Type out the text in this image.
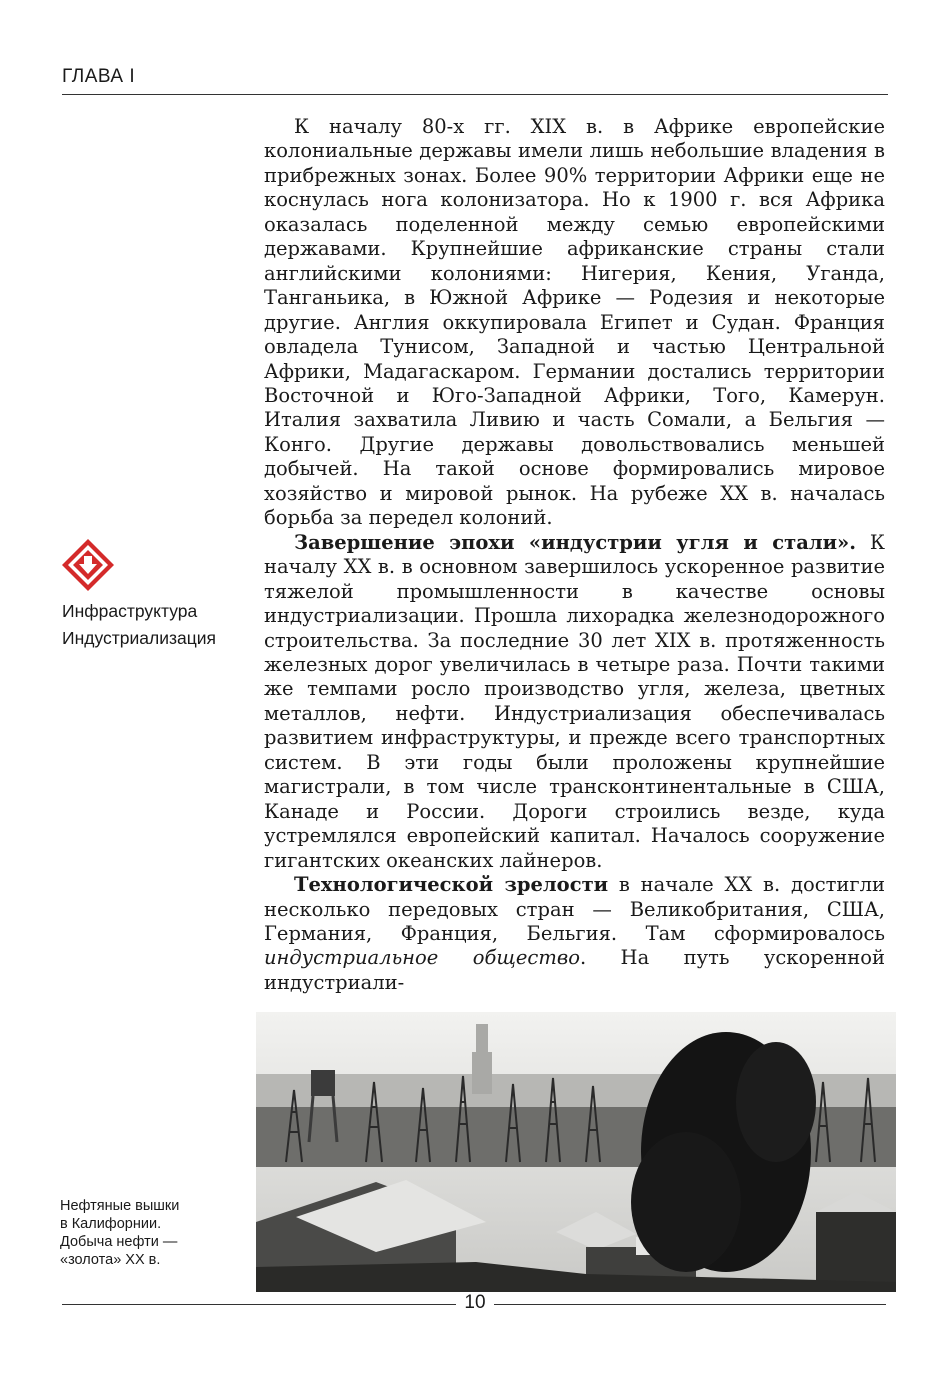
ГЛАВА I

К началу 80-х гг. XIX в. в Африке европейские колониальные державы имели лишь небольшие владения в прибрежных зонах. Более 90% территории Африки еще не коснулась нога колонизатора. Но к 1900 г. вся Африка оказалась поделенной между семью европейскими державами. Крупнейшие африканские страны стали английскими колониями: Нигерия, Кения, Уганда, Танганьика, в Южной Африке — Родезия и некоторые другие. Англия оккупировала Египет и Судан. Франция овладела Тунисом, Западной и частью Центральной Африки, Мадагаскаром. Германии достались территории Восточной и Юго-Западной Африки, Того, Камерун. Италия захватила Ливию и часть Сомали, а Бельгия — Конго. Другие державы довольствовались меньшей добычей. На такой основе формировались мировое хозяйство и мировой рынок. На рубеже XX в. началась борьба за передел колоний.

Завершение эпохи «индустрии угля и стали». К началу XX в. в основном завершилось ускоренное развитие тяжелой промышленности в качестве основы индустриализации. Прошла лихорадка железнодорожного строительства. За последние 30 лет XIX в. протяженность железных дорог увеличилась в четыре раза. Почти такими же темпами росло производство угля, железа, цветных металлов, нефти. Индустриализация обеспечивалась развитием инфраструктуры, и прежде всего транспортных систем. В эти годы были проложены крупнейшие магистрали, в том числе трансконтинентальные в США, Канаде и России. Дороги строились везде, куда устремлялся европейский капитал. Началось сооружение гигантских океанских лайнеров.

Технологической зрелости в начале XX в. достигли несколько передовых стран — Великобритания, США, Германия, Франция, Бельгия. Там сформировалось индустриальное общество. На путь ускоренной индустриали-

Инфраструктура
Индустриализация
Нефтяные вышки
в Калифорнии.
Добыча нефти —
«золота» XX в.
10
